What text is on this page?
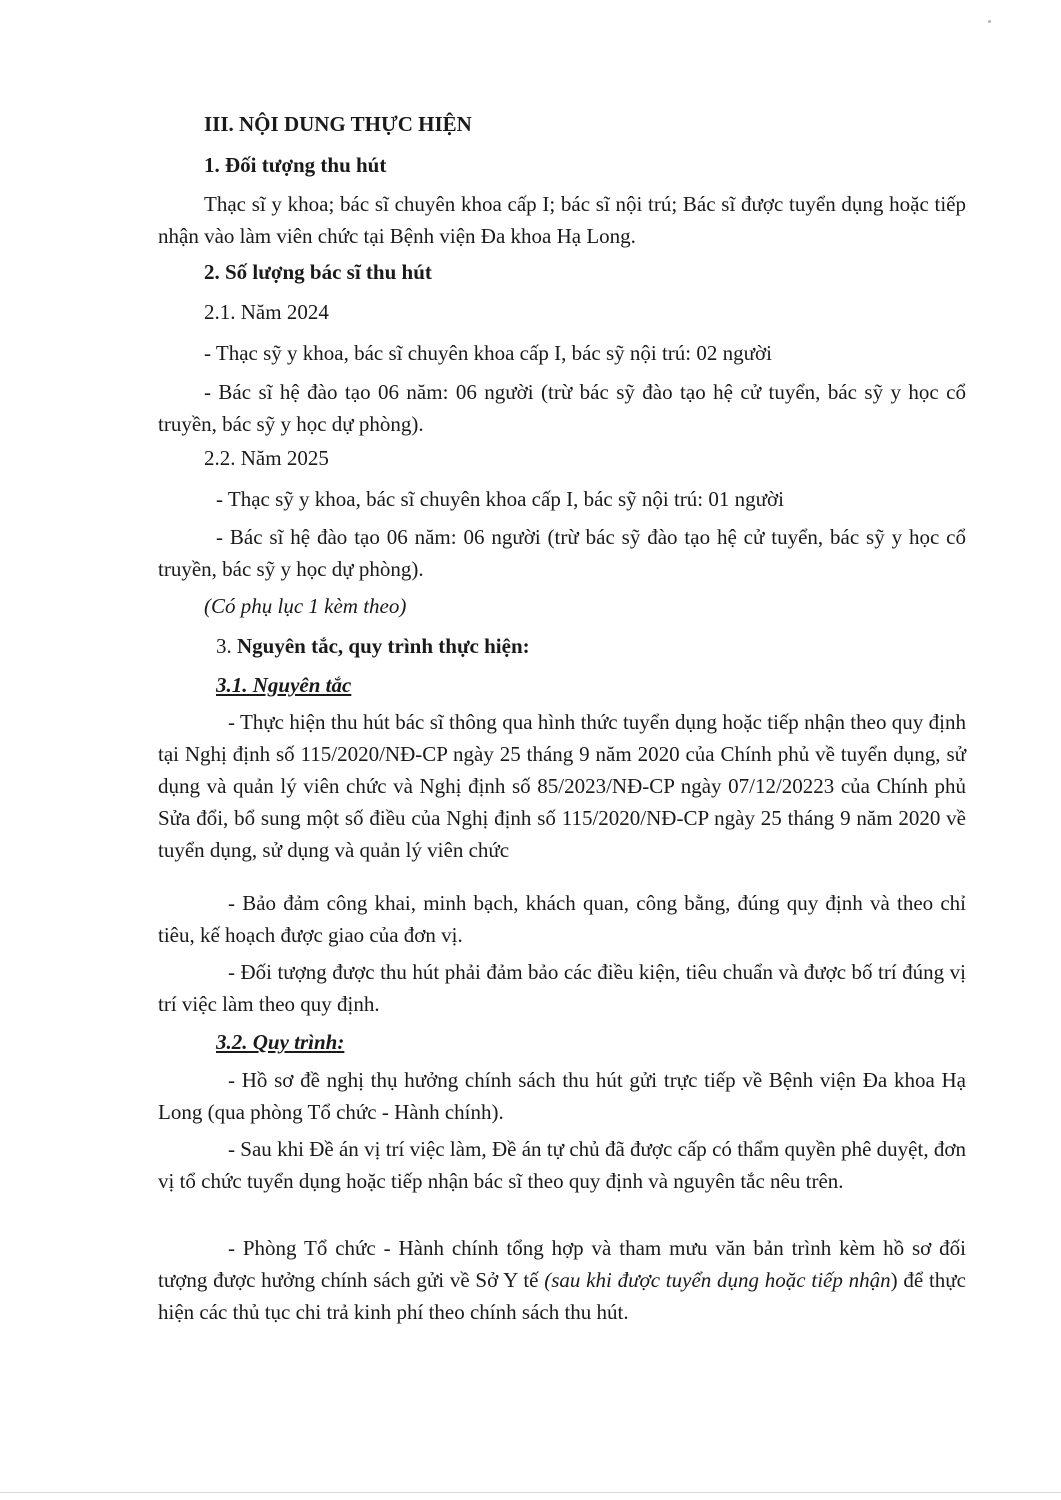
III. NỘI DUNG THỰC HIỆN
1. Đối tượng thu hút
Thạc sĩ y khoa; bác sĩ chuyên khoa cấp I; bác sĩ nội trú; Bác sĩ được tuyển dụng hoặc tiếp nhận vào làm viên chức tại Bệnh viện Đa khoa Hạ Long.
2. Số lượng bác sĩ thu hút
2.1. Năm 2024
- Thạc sỹ y khoa, bác sĩ chuyên khoa cấp I, bác sỹ nội trú: 02 người
- Bác sĩ hệ đào tạo 06 năm: 06 người (trừ bác sỹ đào tạo hệ cử tuyển, bác sỹ y học cổ truyền, bác sỹ y học dự phòng).
2.2. Năm 2025
- Thạc sỹ y khoa, bác sĩ chuyên khoa cấp I, bác sỹ nội trú: 01 người
- Bác sĩ hệ đào tạo 06 năm: 06 người (trừ bác sỹ đào tạo hệ cử tuyển, bác sỹ y học cổ truyền, bác sỹ y học dự phòng).
(Có phụ lục 1 kèm theo)
3. Nguyên tắc, quy trình thực hiện:
3.1. Nguyên tắc
- Thực hiện thu hút bác sĩ thông qua hình thức tuyển dụng hoặc tiếp nhận theo quy định tại Nghị định số 115/2020/NĐ-CP ngày 25 tháng 9 năm 2020 của Chính phủ về tuyển dụng, sử dụng và quản lý viên chức và Nghị định số 85/2023/NĐ-CP ngày 07/12/20223 của Chính phủ Sửa đổi, bổ sung một số điều của Nghị định số 115/2020/NĐ-CP ngày 25 tháng 9 năm 2020 về tuyển dụng, sử dụng và quản lý viên chức
- Bảo đảm công khai, minh bạch, khách quan, công bằng, đúng quy định và theo chỉ tiêu, kế hoạch được giao của đơn vị.
- Đối tượng được thu hút phải đảm bảo các điều kiện, tiêu chuẩn và được bố trí đúng vị trí việc làm theo quy định.
3.2. Quy trình:
- Hồ sơ đề nghị thụ hưởng chính sách thu hút gửi trực tiếp về Bệnh viện Đa khoa Hạ Long (qua phòng Tổ chức - Hành chính).
- Sau khi Đề án vị trí việc làm, Đề án tự chủ đã được cấp có thẩm quyền phê duyệt, đơn vị tổ chức tuyển dụng hoặc tiếp nhận bác sĩ theo quy định và nguyên tắc nêu trên.
- Phòng Tổ chức - Hành chính tổng hợp và tham mưu văn bản trình kèm hồ sơ đối tượng được hưởng chính sách gửi về Sở Y tế (sau khi được tuyển dụng hoặc tiếp nhận) để thực hiện các thủ tục chi trả kinh phí theo chính sách thu hút.
